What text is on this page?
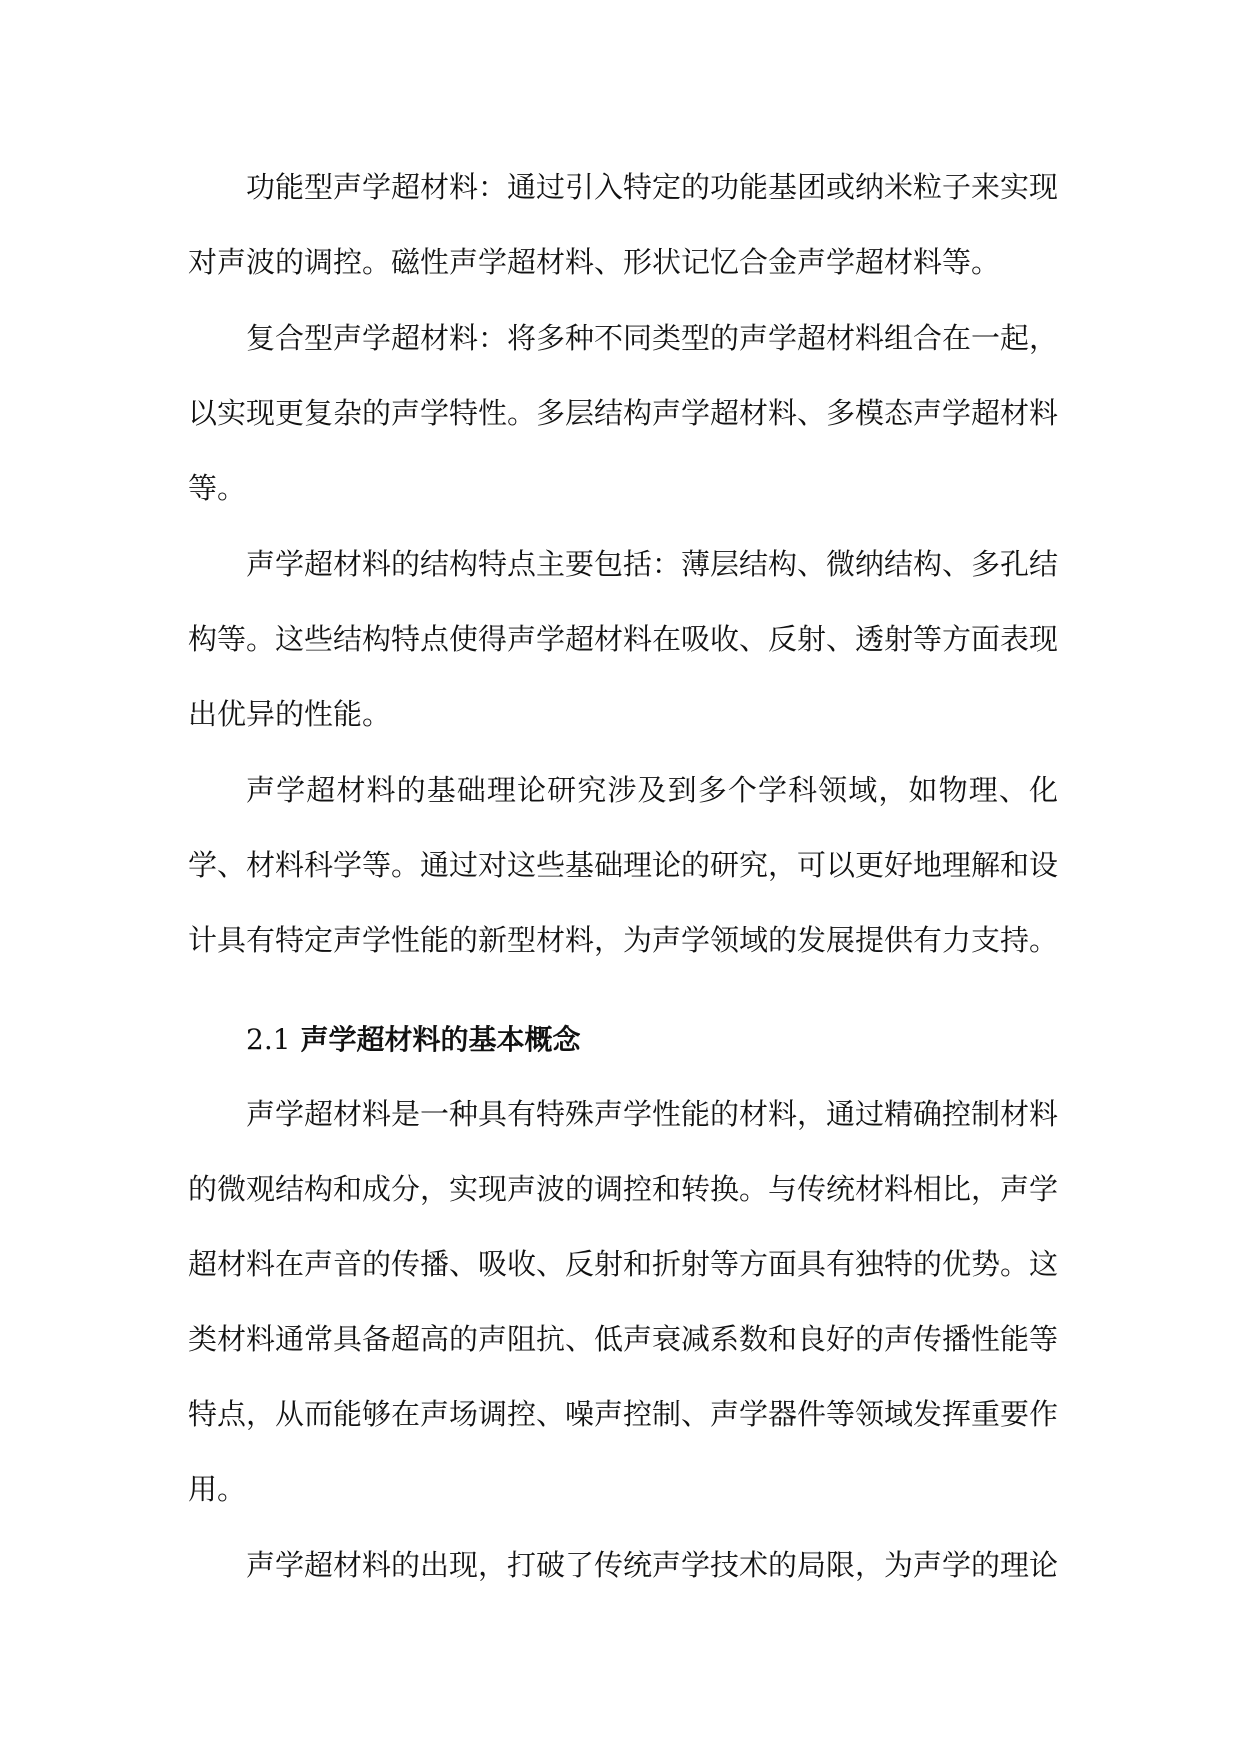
功能型声学超材料：通过引入特定的功能基团或纳米粒子来实现对声波的调控。磁性声学超材料、形状记忆合金声学超材料等。

复合型声学超材料：将多种不同类型的声学超材料组合在一起，以实现更复杂的声学特性。多层结构声学超材料、多模态声学超材料等。

声学超材料的结构特点主要包括：薄层结构、微纳结构、多孔结构等。这些结构特点使得声学超材料在吸收、反射、透射等方面表现出优异的性能。

声学超材料的基础理论研究涉及到多个学科领域，如物理、化学、材料科学等。通过对这些基础理论的研究，可以更好地理解和设计具有特定声学性能的新型材料，为声学领域的发展提供有力支持。

2.1 声学超材料的基本概念

声学超材料是一种具有特殊声学性能的材料，通过精确控制材料的微观结构和成分，实现声波的调控和转换。与传统材料相比，声学超材料在声音的传播、吸收、反射和折射等方面具有独特的优势。这类材料通常具备超高的声阻抗、低声衰减系数和良好的声传播性能等特点，从而能够在声场调控、噪声控制、声学器件等领域发挥重要作用。

声学超材料的出现，打破了传统声学技术的局限，为声学的理论
